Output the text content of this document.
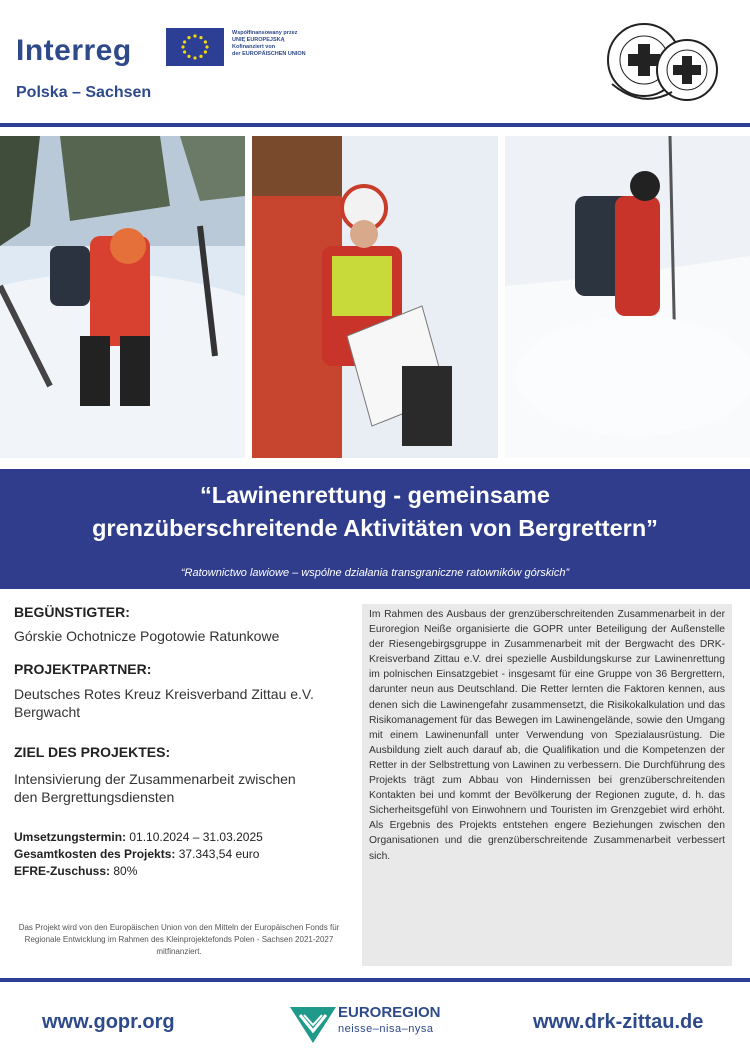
Interreg
Polska – Sachsen
Współfinansowany przez
UNIĘ EUROPEJSKĄ
Kofinanziert von
der EUROPÄISCHEN UNION
“Lawinenrettung - gemeinsame
grenzüberschreitende Aktivitäten von Bergrettern”
“Ratownictwo lawiowe – wspólne działania transgraniczne ratowników górskich”
BEGÜNSTIGTER:
Górskie Ochotnicze Pogotowie Ratunkowe
PROJEKTPARTNER:
Deutsches Rotes Kreuz Kreisverband Zittau e.V. Bergwacht
ZIEL DES PROJEKTES:
Intensivierung der Zusammenarbeit zwischen den Bergrettungsdiensten
Umsetzungstermin: 01.10.2024 – 31.03.2025
Gesamtkosten des Projekts: 37.343,54 euro
EFRE-Zuschuss: 80%
Das Projekt wird von den Europäischen Union von den Mitteln der Europäischen Fonds für Regionale Entwicklung im Rahmen des Kleinprojektefonds Polen - Sachsen 2021-2027 mitfinanziert.
Im Rahmen des Ausbaus der grenzüberschreitenden Zusammenarbeit in der Euroregion Neiße organisierte die GOPR unter Beteiligung der Außenstelle der Riesengebirgsgruppe in Zusammenarbeit mit der Bergwacht des DRK-Kreisverband Zittau e.V. drei spezielle Ausbildungskurse zur Lawinenrettung im polnischen Einsatzgebiet - insgesamt für eine Gruppe von 36 Bergrettern, darunter neun aus Deutschland. Die Retter lernten die Faktoren kennen, aus denen sich die Lawinengefahr zusammensetzt, die Risikokalkulation und das Risikomanagement für das Bewegen im Lawinengelände, sowie den Umgang mit einem Lawinenunfall unter Verwendung von Spezialausrüstung. Die Ausbildung zielt auch darauf ab, die Qualifikation und die Kompetenzen der Retter in der Selbstrettung von Lawinen zu verbessern. Die Durchführung des Projekts trägt zum Abbau von Hindernissen bei grenzüberschreitenden Kontakten bei und kommt der Bevölkerung der Regionen zugute, d. h. das Sicherheitsgefühl von Einwohnern und Touristen im Grenzgebiet wird erhöht. Als Ergebnis des Projekts entstehen engere Beziehungen zwischen den Organisationen und die grenzüberschreitende Zusammenarbeit verbessert sich.
www.gopr.org	EUROREGION
neisse–nisa–nysa	www.drk-zittau.de
